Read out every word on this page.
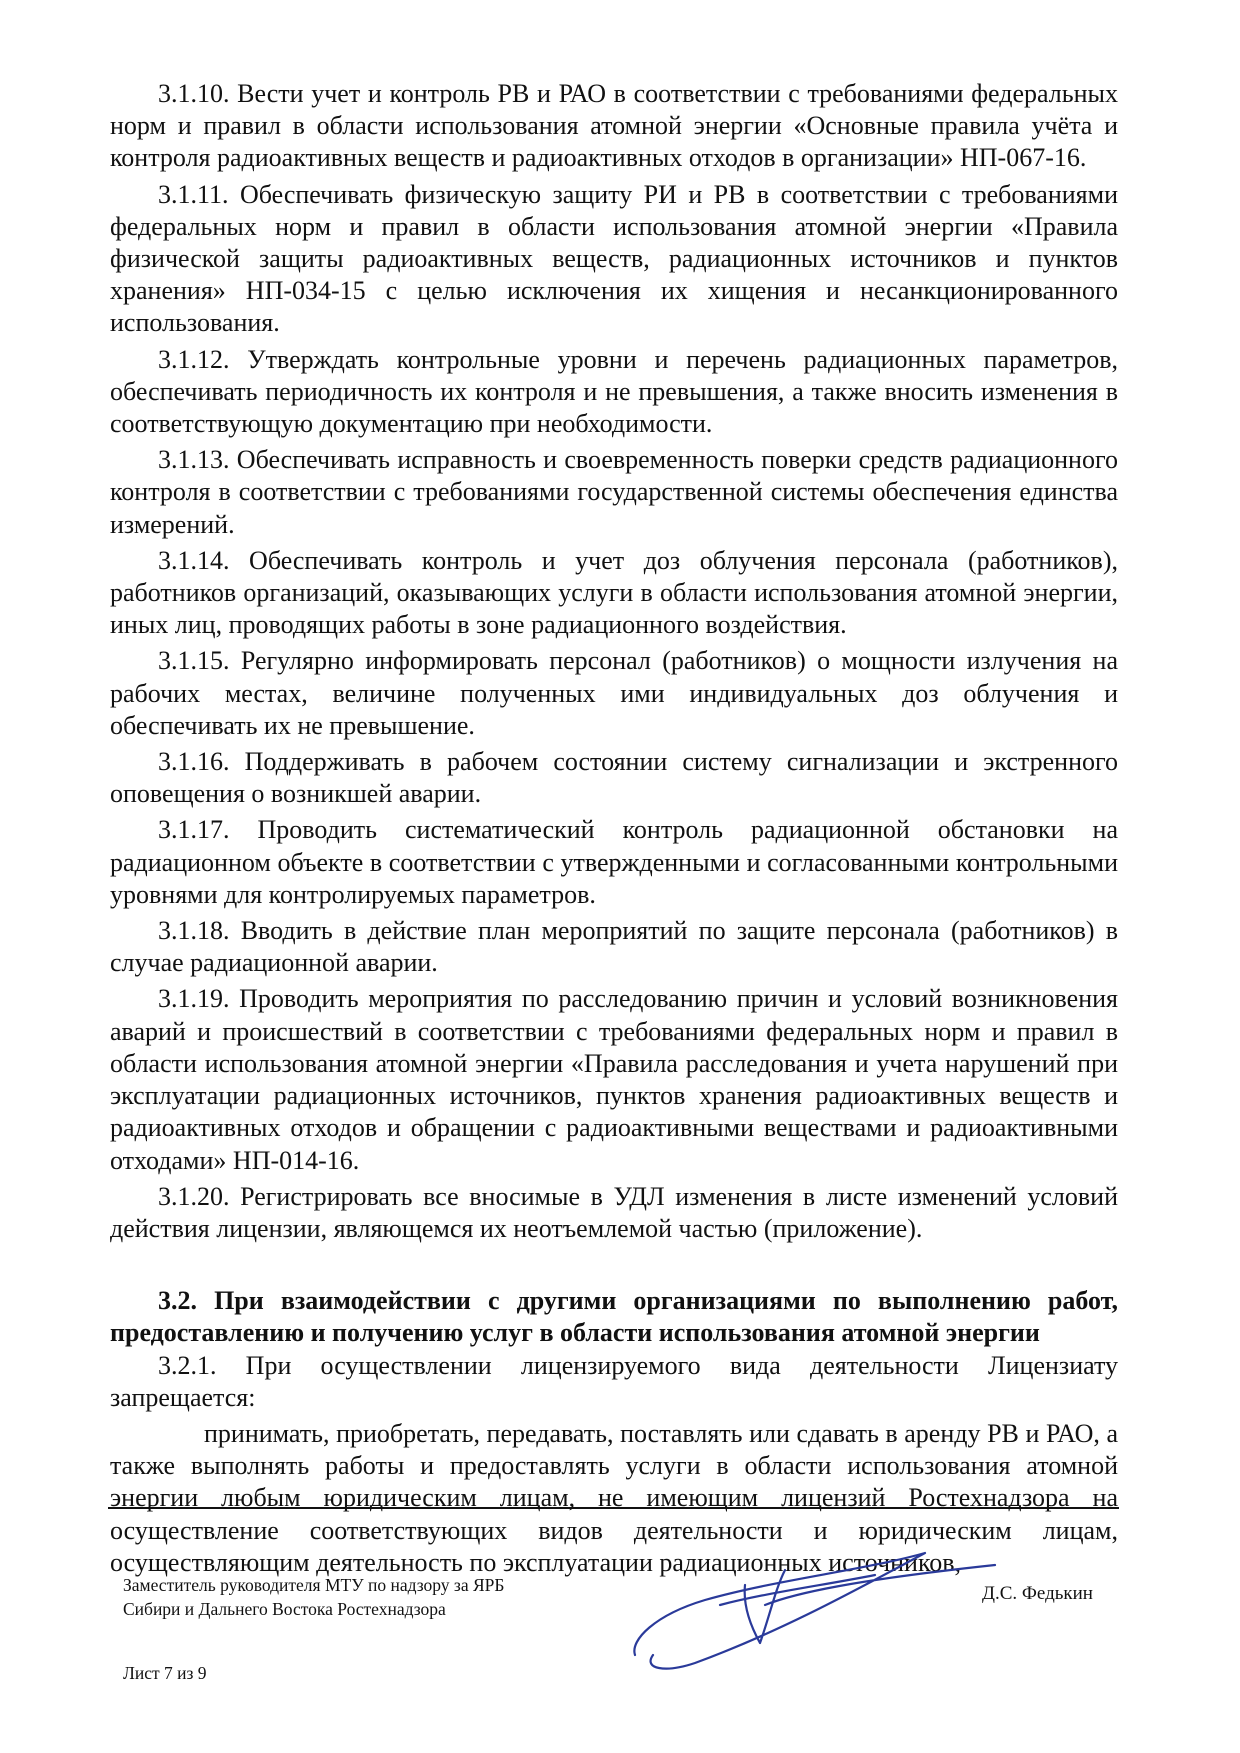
3.1.10. Вести учет и контроль РВ и РАО в соответствии с требованиями федеральных норм и правил в области использования атомной энергии «Основные правила учёта и контроля радиоактивных веществ и радиоактивных отходов в организации» НП-067-16.

3.1.11. Обеспечивать физическую защиту РИ и РВ в соответствии с требованиями федеральных норм и правил в области использования атомной энергии «Правила физической защиты радиоактивных веществ, радиационных источников и пунктов хранения» НП-034-15 с целью исключения их хищения и несанкционированного использования.

3.1.12. Утверждать контрольные уровни и перечень радиационных параметров, обеспечивать периодичность их контроля и не превышения, а также вносить изменения в соответствующую документацию при необходимости.

3.1.13. Обеспечивать исправность и своевременность поверки средств радиационного контроля в соответствии с требованиями государственной системы обеспечения единства измерений.

3.1.14. Обеспечивать контроль и учет доз облучения персонала (работников), работников организаций, оказывающих услуги в области использования атомной энергии, иных лиц, проводящих работы в зоне радиационного воздействия.

3.1.15. Регулярно информировать персонал (работников) о мощности излучения на рабочих местах, величине полученных ими индивидуальных доз облучения и обеспечивать их не превышение.

3.1.16. Поддерживать в рабочем состоянии систему сигнализации и экстренного оповещения о возникшей аварии.

3.1.17. Проводить систематический контроль радиационной обстановки на радиационном объекте в соответствии с утвержденными и согласованными контрольными уровнями для контролируемых параметров.

3.1.18. Вводить в действие план мероприятий по защите персонала (работников) в случае радиационной аварии.

3.1.19. Проводить мероприятия по расследованию причин и условий возникновения аварий и происшествий в соответствии с требованиями федеральных норм и правил в области использования атомной энергии «Правила расследования и учета нарушений при эксплуатации радиационных источников, пунктов хранения радиоактивных веществ и радиоактивных отходов и обращении с радиоактивными веществами и радиоактивными отходами» НП-014-16.

3.1.20. Регистрировать все вносимые в УДЛ изменения в листе изменений условий действия лицензии, являющемся их неотъемлемой частью (приложение).

3.2. При взаимодействии с другими организациями по выполнению работ, предоставлению и получению услуг в области использования атомной энергии

3.2.1. При осуществлении лицензируемого вида деятельности Лицензиату запрещается:

принимать, приобретать, передавать, поставлять или сдавать в аренду РВ и РАО, а также выполнять работы и предоставлять услуги в области использования атомной энергии любым юридическим лицам, не имеющим лицензий Ростехнадзора на осуществление соответствующих видов деятельности и юридическим лицам, осуществляющим деятельность по эксплуатации радиационных источников,

Заместитель руководителя МТУ по надзору за ЯРБ
Сибири и Дальнего Востока Ростехнадзора
Д.С. Федькин
Лист 7 из 9
